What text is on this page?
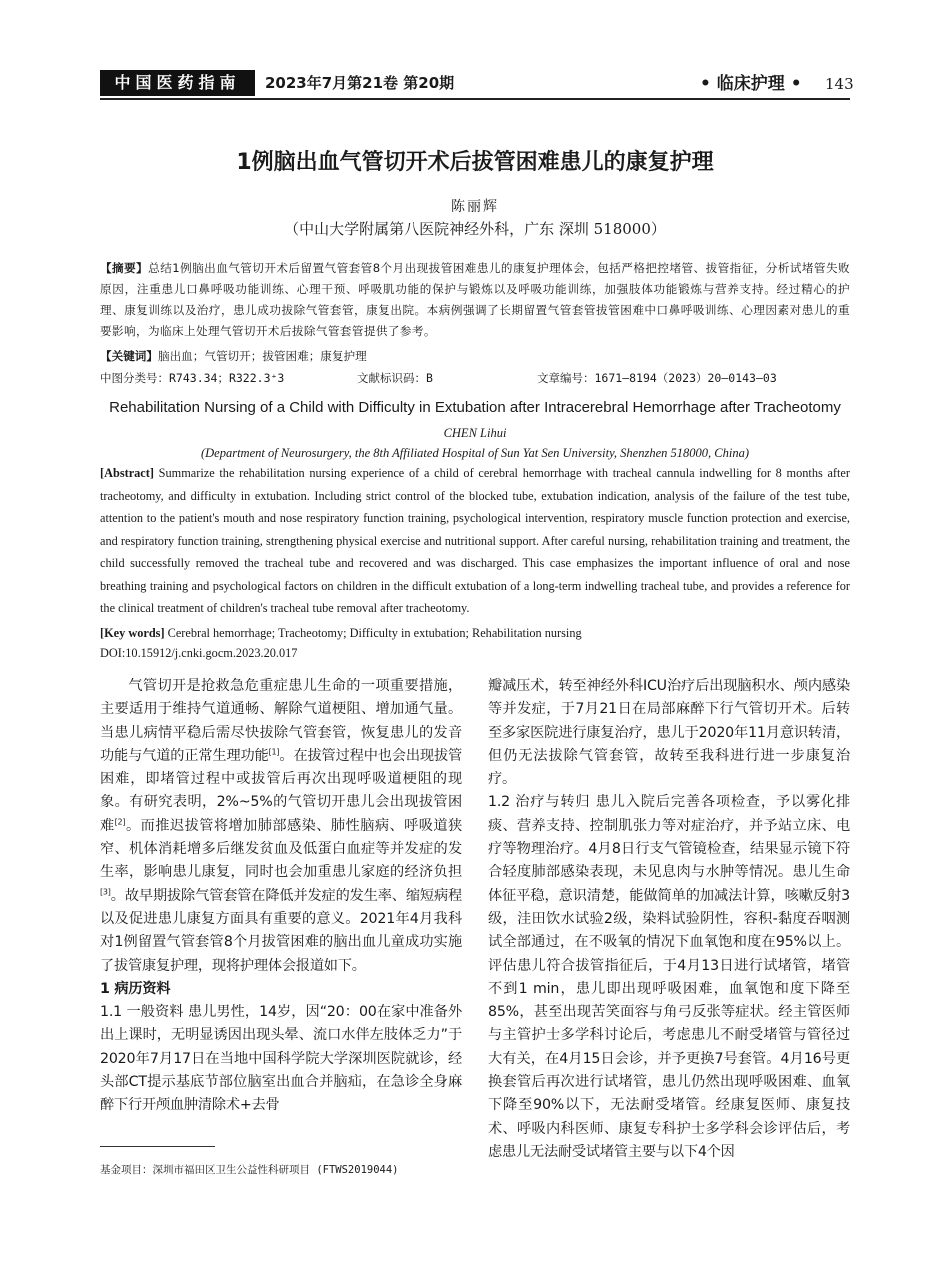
中国医药指南	2023年7月第21卷 第20期	• 临床护理 • 143
1例脑出血气管切开术后拔管困难患儿的康复护理
陈丽辉
（中山大学附属第八医院神经外科，广东 深圳 518000）
【摘要】总结1例脑出血气管切开术后留置气管套管8个月出现拔管困难患儿的康复护理体会，包括严格把控堵管、拔管指征，分析试堵管失败原因，注重患儿口鼻呼吸功能训练、心理干预、呼吸肌功能的保护与锻炼以及呼吸功能训练，加强肢体功能锻炼与营养支持。经过精心的护理、康复训练以及治疗，患儿成功拔除气管套管，康复出院。本病例强调了长期留置气管套管拔管困难中口鼻呼吸训练、心理因素对患儿的重要影响，为临床上处理气管切开术后拔除气管套管提供了参考。
【关键词】脑出血；气管切开；拔管困难；康复护理
中图分类号：R743.34；R322.3⁺3	文献标识码：B	文章编号：1671—8194（2023）20—0143—03
Rehabilitation Nursing of a Child with Difficulty in Extubation after Intracerebral Hemorrhage after Tracheotomy
CHEN Lihui
(Department of Neurosurgery, the 8th Affiliated Hospital of Sun Yat Sen University, Shenzhen 518000, China)
[Abstract] Summarize the rehabilitation nursing experience of a child of cerebral hemorrhage with tracheal cannula indwelling for 8 months after tracheotomy, and difficulty in extubation. Including strict control of the blocked tube, extubation indication, analysis of the failure of the test tube, attention to the patient's mouth and nose respiratory function training, psychological intervention, respiratory muscle function protection and exercise, and respiratory function training, strengthening physical exercise and nutritional support. After careful nursing, rehabilitation training and treatment, the child successfully removed the tracheal tube and recovered and was discharged. This case emphasizes the important influence of oral and nose breathing training and psychological factors on children in the difficult extubation of a long-term indwelling tracheal tube, and provides a reference for the clinical treatment of children's tracheal tube removal after tracheotomy.
[Key words] Cerebral hemorrhage; Tracheotomy; Difficulty in extubation; Rehabilitation nursing
DOI:10.15912/j.cnki.gocm.2023.20.017

气管切开是抢救急危重症患儿生命的一项重要措施，主要适用于维持气道通畅、解除气道梗阻、增加通气量。当患儿病情平稳后需尽快拔除气管套管，恢复患儿的发音功能与气道的正常生理功能[1]。在拔管过程中也会出现拔管困难，即堵管过程中或拔管后再次出现呼吸道梗阻的现象。有研究表明，2%~5%的气管切开患儿会出现拔管困难[2]。而推迟拔管将增加肺部感染、肺性脑病、呼吸道狭窄、机体消耗增多后继发贫血及低蛋白血症等并发症的发生率，影响患儿康复，同时也会加重患儿家庭的经济负担[3]。故早期拔除气管套管在降低并发症的发生率、缩短病程以及促进患儿康复方面具有重要的意义。2021年4月我科对1例留置气管套管8个月拔管困难的脑出血儿童成功实施了拔管康复护理，现将护理体会报道如下。

1 病历资料

1.1 一般资料 患儿男性，14岁，因“20：00在家中准备外出上课时，无明显诱因出现头晕、流口水伴左肢体乏力”于2020年7月17日在当地中国科学院大学深圳医院就诊，经头部CT提示基底节部位脑室出血合并脑疝，在急诊全身麻醉下行开颅血肿清除术+去骨

瓣减压术，转至神经外科ICU治疗后出现脑积水、颅内感染等并发症，于7月21日在局部麻醉下行气管切开术。后转至多家医院进行康复治疗，患儿于2020年11月意识转清，但仍无法拔除气管套管，故转至我科进行进一步康复治疗。

1.2 治疗与转归 患儿入院后完善各项检查，予以雾化排痰、营养支持、控制肌张力等对症治疗，并予站立床、电疗等物理治疗。4月8日行支气管镜检查，结果显示镜下符合轻度肺部感染表现，未见息肉与水肿等情况。患儿生命体征平稳，意识清楚，能做简单的加减法计算，咳嗽反射3级，洼田饮水试验2级，染料试验阴性，容积-黏度吞咽测试全部通过，在不吸氧的情况下血氧饱和度在95%以上。评估患儿符合拔管指征后，于4月13日进行试堵管，堵管不到1 min，患儿即出现呼吸困难，血氧饱和度下降至85%，甚至出现苦笑面容与角弓反张等症状。经主管医师与主管护士多学科讨论后，考虑患儿不耐受堵管与管径过大有关，在4月15日会诊，并予更换7号套管。4月16号更换套管后再次进行试堵管，患儿仍然出现呼吸困难、血氧下降至90%以下，无法耐受堵管。经康复医师、康复技术、呼吸内科医师、康复专科护士多学科会诊评估后，考虑患儿无法耐受试堵管主要与以下4个因

基金项目：深圳市福田区卫生公益性科研项目 (FTWS2019044)
